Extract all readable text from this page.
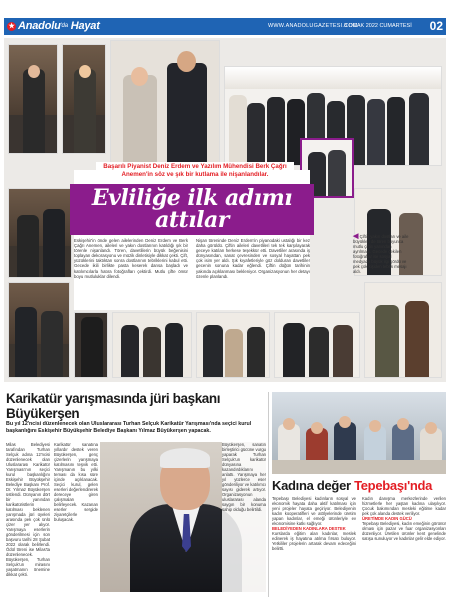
★ Anadolu'da Hayat	WWW.ANADOLUGAZETESI.COM
8 OCAK 2022 CUMARTESİ 02
Başarılı Piyanist Deniz Erdem ve Yazılım Mühendisi Berk Çağrı Anemen'in söz ve şık bir kutlama ile nişanlandılar.
Evliliğe ilk adımı attılar
Eskişehir'in önde gelen ailelerinden Deniz Erdem ve Berk Çağrı Anemen, aileleri ve yakın dostlarının katıldığı şık bir törenle nişanlandı. Tören, davetlilerin büyük beğenisini toplayan dekorasyonu ve müzik dinletisiyle dikkat çekti. Çift, yüzüklerini taktıktan sonra dostlarının tebriklerini kabul etti. Gecede ikili birlikte pasta keserek dansa başladı ve katılımcılarla hatıra fotoğrafları çektirdi. Mutlu çifte ömür boyu mutluluklar dilendi.
Nişan töreninde Deniz Erdem'in piyanodaki ustalığı bir kez daha görüldü. Çiftin aileleri davetlileri tek tek karşılayarak geceye katılan herkese teşekkür etti. Davetliler arasında iş dünyasından, sanat çevresinden ve sosyal hayattan pek çok isim yer aldı. Şık kıyafetleriyle göz dolduran davetliler gecenin sonuna kadar eğlendi. Çiftin düğün tarihinin yakında açıklanması bekleniyor. Organizasyonun her detayı özenle planlandı.
◀ Çiftin yakın dostları ve aile büyükleri de tören boyunca mutlu çiftin yanından ayrılmadı. Gecede çekilen fotoğraflar ise sosyal medyada büyük ilgi gördü ve pek çok kişiden tebrik mesajı aldı.
Karikatür yarışmasında jüri başkanı Büyükerşen
Bu yıl 12'ncisi düzenlenecek olan Uluslararası Turhan Selçuk Karikatür Yarışması'nda seçici kurul başkanlığını Eskişehir Büyükşehir Belediye Başkanı Yılmaz Büyükerşen yapacak.
Milas Belediyesi tarafından Turhan Selçuk adına 12'ncisi düzenlenecek olan Uluslararası Karikatür Yarışması'nın seçici kurul başkanlığını Eskişehir Büyükşehir Belediye Başkanı Prof. Dr. Yılmaz Büyükerşen üstlendi. Dünyanın dört bir yanından karikatüristlerin katılması beklenen yarışmada jüri üyeleri arasında pek çok ünlü çizer yer alıyor. Yarışmaya eserlerin gönderilmesi için son başvuru tarihi 28 Şubat 2022 olarak belirlendi. Ödül töreni ise Milas'ta düzenlenecek. Büyükerşen, Turhan Selçuk'un mirasını yaşatmanın önemine dikkat çekti.
Karikatür sanatına yıllardır destek veren Büyükerşen, genç çizerlerin yarışmaya katılmasını teşvik etti. Yarışmanın bu yılki teması da kısa süre içinde açıklanacak. Seçici kurul, gelen eserleri değerlendirerek dereceye giren çalışmaları belirleyecek. Kazanan eserler sergide ziyaretçilerle buluşacak.
Büyükerşen, sanatın birleştirici gücüne vurgu yaparak Turhan Selçuk'un karikatür dünyasına kazandırdıklarını anlattı. Yarışmaya her yıl yüzlerce eser gönderiliyor ve katılımcı sayısı giderek artıyor. Organizasyonun uluslararası alanda saygın bir konuma sahip olduğu belirtildi.
Kadına değer Tepebaşı'nda
Tepebaşı Belediyesi kadınların sosyal ve ekonomik hayata daha aktif katılması için yeni projeler hayata geçiriyor. Belediyenin kadın kooperatifleri ve atölyelerinde üretim yapan kadınlar, el emeği ürünleriyle ev ekonomisine katkı sağlıyor.
BELEDİYEDEN KADINLARA DESTEK
Kurslarda eğitim alan kadınlar, meslek edinerek iş hayatına atılma fırsatı buluyor. Yetkililer projelerin artarak devam edeceğini belirtti.
Kadın danışma merkezlerinde verilen hizmetlerle her yaştan kadına ulaşılıyor. Çocuk bakımından mesleki eğitime kadar pek çok alanda destek veriliyor.
ÜRETİMDE KADIN GÜCÜ
Tepebaşı Belediyesi, kadın emeğinin görünür olması için pazar ve fuar organizasyonları düzenliyor. Üretilen ürünler kent genelinde satışa sunuluyor ve kadınlar gelir elde ediyor.
